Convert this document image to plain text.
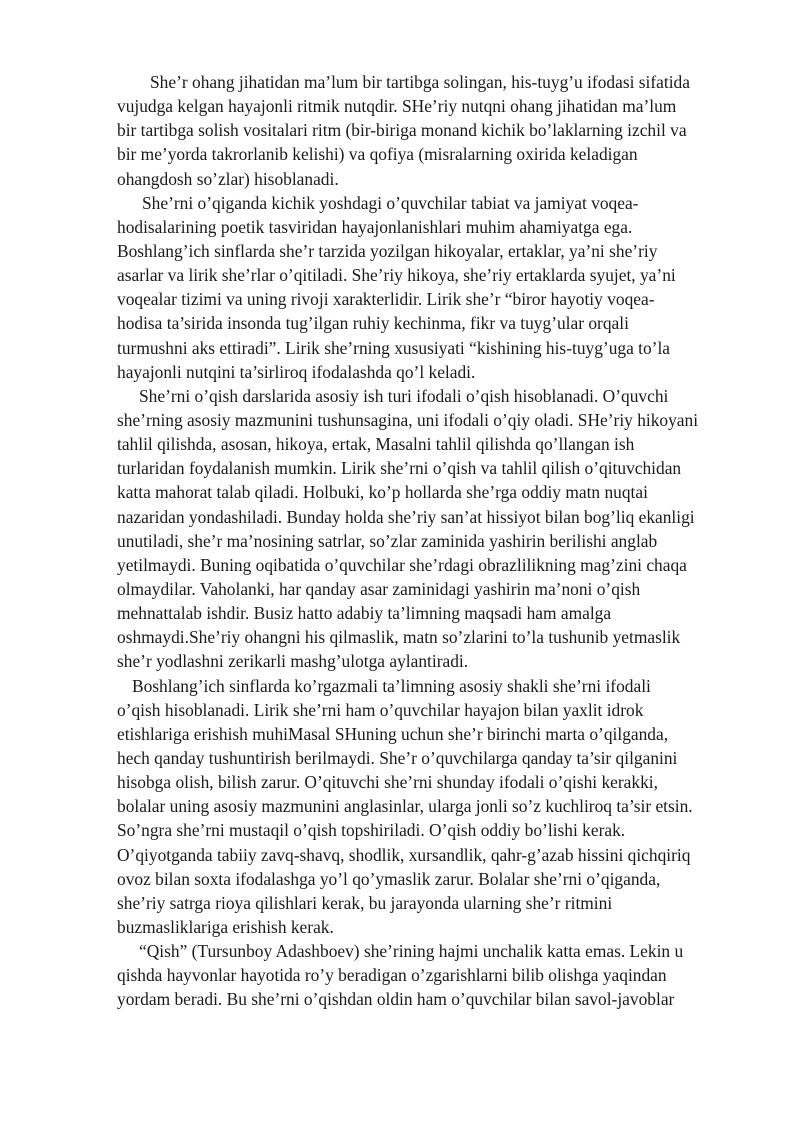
She’r ohang jihatidan ma’lum bir tartibga solingan, his-tuyg’u ifodasi sifatida
vujudga kelgan hayajonli ritmik nutqdir. SHe’riy nutqni ohang jihatidan ma’lum
bir tartibga solish vositalari ritm (bir-biriga monand kichik bo’laklarning izchil va
bir me’yorda takrorlanib kelishi) va qofiya (misralarning oxirida keladigan
ohangdosh so’zlar) hisoblanadi.
She’rni o’qiganda kichik yoshdagi o’quvchilar tabiat va jamiyat voqea-
hodisalarining poetik tasviridan hayajonlanishlari muhim ahamiyatga ega.
Boshlang’ich sinflarda she’r tarzida yozilgan hikoyalar, ertaklar, ya’ni she’riy
asarlar va lirik she’rlar o’qitiladi. She’riy hikoya, she’riy ertaklarda syujet, ya’ni
voqealar tizimi va uning rivoji xarakterlidir. Lirik she’r “biror hayotiy voqea-
hodisa ta’sirida insonda tug’ilgan ruhiy kechinma, fikr va tuyg’ular orqali
turmushni aks ettiradi”. Lirik she’rning xususiyati “kishining his-tuyg’uga to’la
hayajonli nutqini ta’sirliroq ifodalashda qo’l keladi.
She’rni o’qish darslarida asosiy ish turi ifodali o’qish hisoblanadi. O’quvchi
she’rning asosiy mazmunini tushunsagina, uni ifodali o’qiy oladi. SHe’riy hikoyani
tahlil qilishda, asosan, hikoya, ertak, Masalni tahlil qilishda qo’llangan ish
turlaridan foydalanish mumkin. Lirik she’rni o’qish va tahlil qilish o’qituvchidan
katta mahorat talab qiladi. Holbuki, ko’p hollarda she’rga oddiy matn nuqtai
nazaridan yondashiladi. Bunday holda she’riy san’at hissiyot bilan bog’liq ekanligi
unutiladi, she’r ma’nosining satrlar, so’zlar zaminida yashirin berilishi anglab
yetilmaydi. Buning oqibatida o’quvchilar she’rdagi obrazlilikning mag’zini chaqa
olmaydilar. Vaholanki, har qanday asar zaminidagi yashirin ma’noni o’qish
mehnattalab ishdir. Busiz hatto adabiy ta’limning maqsadi ham amalga
oshmaydi.She’riy ohangni his qilmaslik, matn so’zlarini to’la tushunib yetmaslik
she’r yodlashni zerikarli mashg’ulotga aylantiradi.
Boshlang’ich sinflarda ko’rgazmali ta’limning asosiy shakli she’rni ifodali
o’qish hisoblanadi. Lirik she’rni ham o’quvchilar hayajon bilan yaxlit idrok
etishlariga erishish muhiMasal SHuning uchun she’r birinchi marta o’qilganda,
hech qanday tushuntirish berilmaydi. She’r o’quvchilarga qanday ta’sir qilganini
hisobga olish, bilish zarur. O’qituvchi she’rni shunday ifodali o’qishi kerakki,
bolalar uning asosiy mazmunini anglasinlar, ularga jonli so’z kuchliroq ta’sir etsin.
So’ngra she’rni mustaqil o’qish topshiriladi. O’qish oddiy bo’lishi kerak.
O’qiyotganda tabiiy zavq-shavq, shodlik, xursandlik, qahr-g’azab hissini qichqiriq
ovoz bilan soxta ifodalashga yo’l qo’ymaslik zarur. Bolalar she’rni o’qiganda,
she’riy satrga rioya qilishlari kerak, bu jarayonda ularning she’r ritmini
buzmasliklariga erishish kerak.
“Qish” (Tursunboy Adashboev) she’rining hajmi unchalik katta emas. Lekin u
qishda hayvonlar hayotida ro’y beradigan o’zgarishlarni bilib olishga yaqindan
yordam beradi. Bu she’rni o’qishdan oldin ham o’quvchilar bilan savol-javoblar
